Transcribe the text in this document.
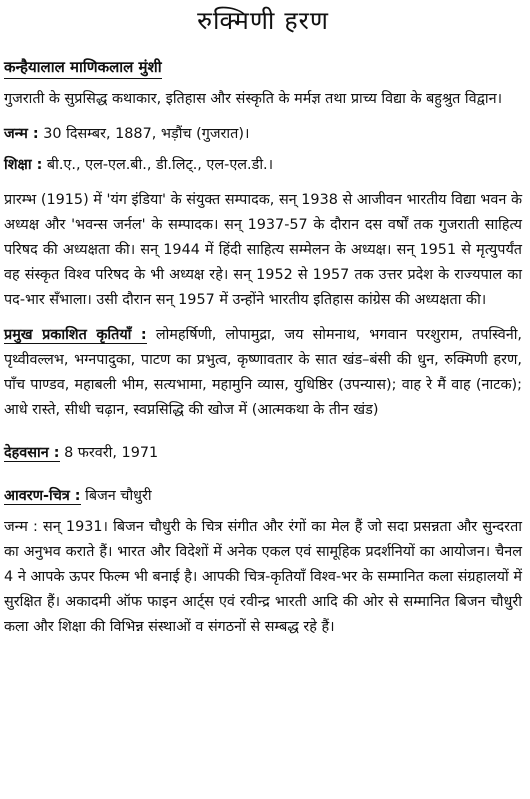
रुक्मिणी हरण
कन्हैयालाल माणिकलाल मुंशी

गुजराती के सुप्रसिद्ध कथाकार, इतिहास और संस्कृति के मर्मज्ञ तथा प्राच्य विद्या के बहुश्रुत विद्वान।

जन्म : 30 दिसम्बर, 1887, भड़ौंच (गुजरात)।

शिक्षा : बी.ए., एल-एल.बी., डी.लिट्., एल-एल.डी.।

प्रारम्भ (1915) में 'यंग इंडिया' के संयुक्त सम्पादक, सन् 1938 से आजीवन भारतीय विद्या भवन के अध्यक्ष और 'भवन्स जर्नल' के सम्पादक। सन् 1937-57 के दौरान दस वर्षों तक गुजराती साहित्य परिषद की अध्यक्षता की। सन् 1944 में हिंदी साहित्य सम्मेलन के अध्यक्ष। सन् 1951 से मृत्युपर्यंत वह संस्कृत विश्व परिषद के भी अध्यक्ष रहे। सन् 1952 से 1957 तक उत्तर प्रदेश के राज्यपाल का पद-भार सँभाला। उसी दौरान सन् 1957 में उन्होंने भारतीय इतिहास कांग्रेस की अध्यक्षता की।

प्रमुख प्रकाशित कृतियाँ : लोमहर्षिणी, लोपामुद्रा, जय सोमनाथ, भगवान परशुराम, तपस्विनी, पृथ्वीवल्लभ, भग्नपादुका, पाटण का प्रभुत्व, कृष्णावतार के सात खंड–बंसी की धुन, रुक्मिणी हरण, पाँच पाण्डव, महाबली भीम, सत्यभामा, महामुनि व्यास, युधिष्ठिर (उपन्यास); वाह रे मैं वाह (नाटक); आधे रास्ते, सीधी चढ़ान, स्वप्नसिद्धि की खोज में (आत्मकथा के तीन खंड)

देहवसान : 8 फरवरी, 1971

आवरण-चित्र : बिजन चौधुरी

जन्म : सन् 1931। बिजन चौधुरी के चित्र संगीत और रंगों का मेल हैं जो सदा प्रसन्नता और सुन्दरता का अनुभव कराते हैं। भारत और विदेशों में अनेक एकल एवं सामूहिक प्रदर्शनियों का आयोजन। चैनल 4 ने आपके ऊपर फिल्म भी बनाई है। आपकी चित्र-कृतियाँ विश्व-भर के सम्मानित कला संग्रहालयों में सुरक्षित हैं। अकादमी ऑफ फाइन आर्ट्स एवं रवीन्द्र भारती आदि की ओर से सम्मानित बिजन चौधुरी कला और शिक्षा की विभिन्न संस्थाओं व संगठनों से सम्बद्ध रहे हैं।
